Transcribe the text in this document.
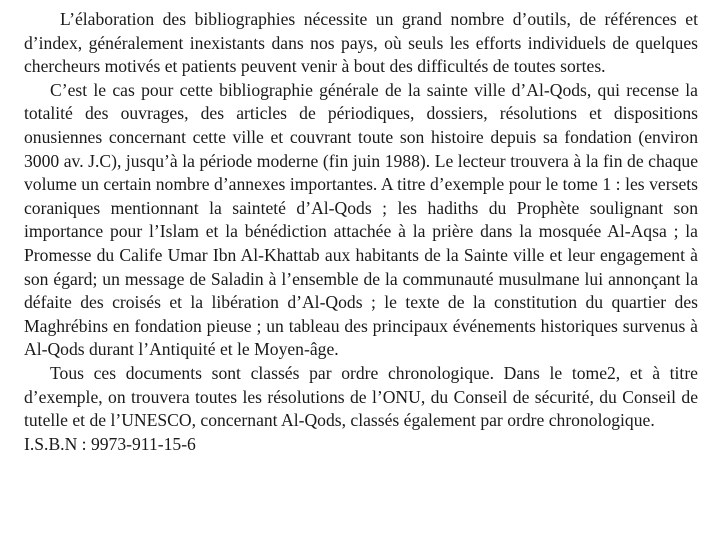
L’élaboration des bibliographies nécessite un grand nombre d’outils, de références et d’index, généralement inexistants dans nos pays, où seuls les efforts individuels de quelques chercheurs motivés et patients peuvent venir à bout des difficultés de toutes sortes.

C’est le cas pour cette bibliographie générale de la sainte ville d’Al-Qods, qui recense la totalité des ouvrages, des articles de périodiques, dossiers, résolutions et dispositions onusiennes concernant cette ville et couvrant toute son histoire depuis sa fondation (environ 3000 av. J.C), jusqu’à la période moderne (fin juin 1988). Le lecteur trouvera à la fin de chaque volume un certain nombre d’annexes importantes. A titre d’exemple pour le tome 1 : les versets coraniques mentionnant la sainteté d’Al-Qods ; les hadiths du Prophète soulignant son importance pour l’Islam et la bénédiction attachée à la prière dans la mosquée Al-Aqsa ; la Promesse du Calife Umar Ibn Al-Khattab aux habitants de la Sainte ville et leur engagement à son égard; un message de Saladin à l’ensemble de la communauté musulmane lui annonçant la défaite des croisés et la libération d’Al-Qods ; le texte de la constitution du quartier des Maghrébins en fondation pieuse ; un tableau des principaux événements historiques survenus à Al-Qods durant l’Antiquité et le Moyen-âge.

Tous ces documents sont classés par ordre chronologique. Dans le tome2, et à titre d’exemple, on trouvera toutes les résolutions de l’ONU, du Conseil de sécurité, du Conseil de tutelle et de l’UNESCO, concernant Al-Qods, classés également par ordre chronologique.

I.S.B.N : 9973-911-15-6
